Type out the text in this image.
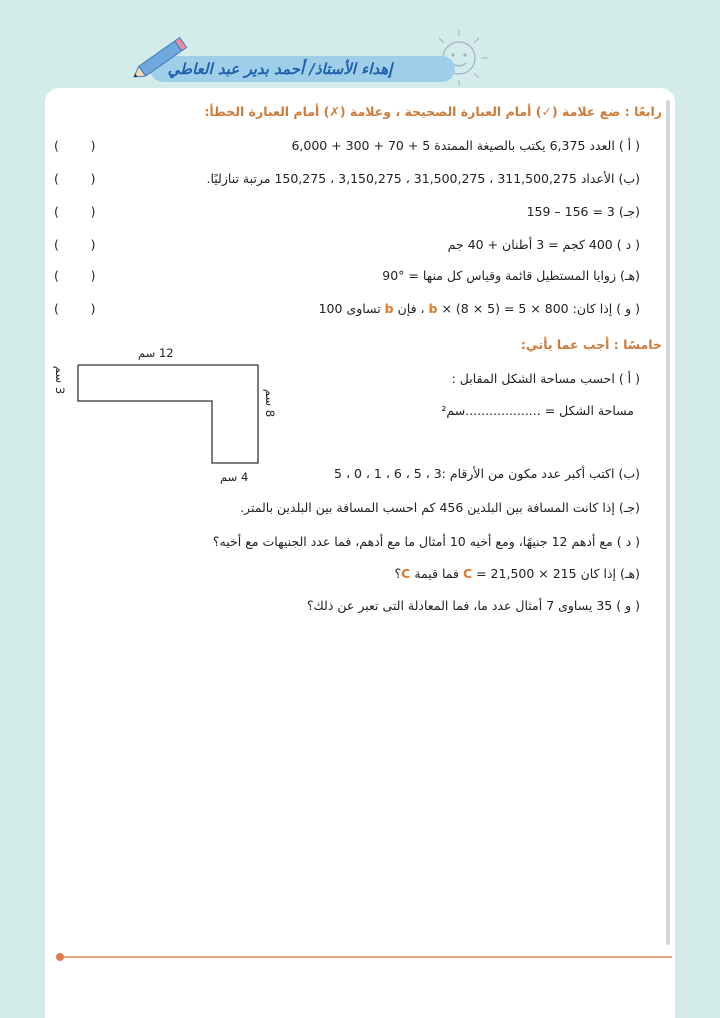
إهداء الأستاذ/ أحمد بدير عبد العاطي
رابعًا : ضع علامة (✓) أمام العبارة الصحيحة ، وعلامة (✗) أمام العبارة الخطأ:
( أ ) العدد 6,375 يكتب بالصيغة الممتدة 5 + 70 + 300 + 6,000
(        )
(ب) الأعداد 311,500,275 ، 31,500,275 ، 3,150,275 ، 150,275 مرتبة تنازليًا.
(        )
(جـ) 3 = 156 – 159
(        )
( د ) 400 كجم = 3 أطنان + 40 جم
(        )
(هـ) زوايا المستطيل قائمة وقياس كل منها = °90
(        )
( و ) إذا كان: 800 × 5 = b × (8 × 5) ، فإن b تساوى 100
(        )
خامسًا : أجب عما يأتي:
( أ ) احسب مساحة الشكل المقابل :
مساحة الشكل = ...................سم²
12 سم
3 سم	8 سم
4 سم	(ب) اكتب أكبر عدد مكون من الأرقام :3 ، 5 ، 6 ، 1 ، 0 ، 5
(جـ) إذا كانت المسافة بين البلدين 456 كم احسب المسافة بين البلدين بالمتر.
( د ) مع أدهم 12 جنيهًا، ومع أخيه 10 أمثال ما مع أدهم، فما عدد الجنيهات مع أخيه؟
(هـ) إذا كان 215 × C = 21,500 فما قيمة C؟
( و ) 35 يساوى 7 أمثال عدد ما، فما المعادلة التى تعبر عن ذلك؟
